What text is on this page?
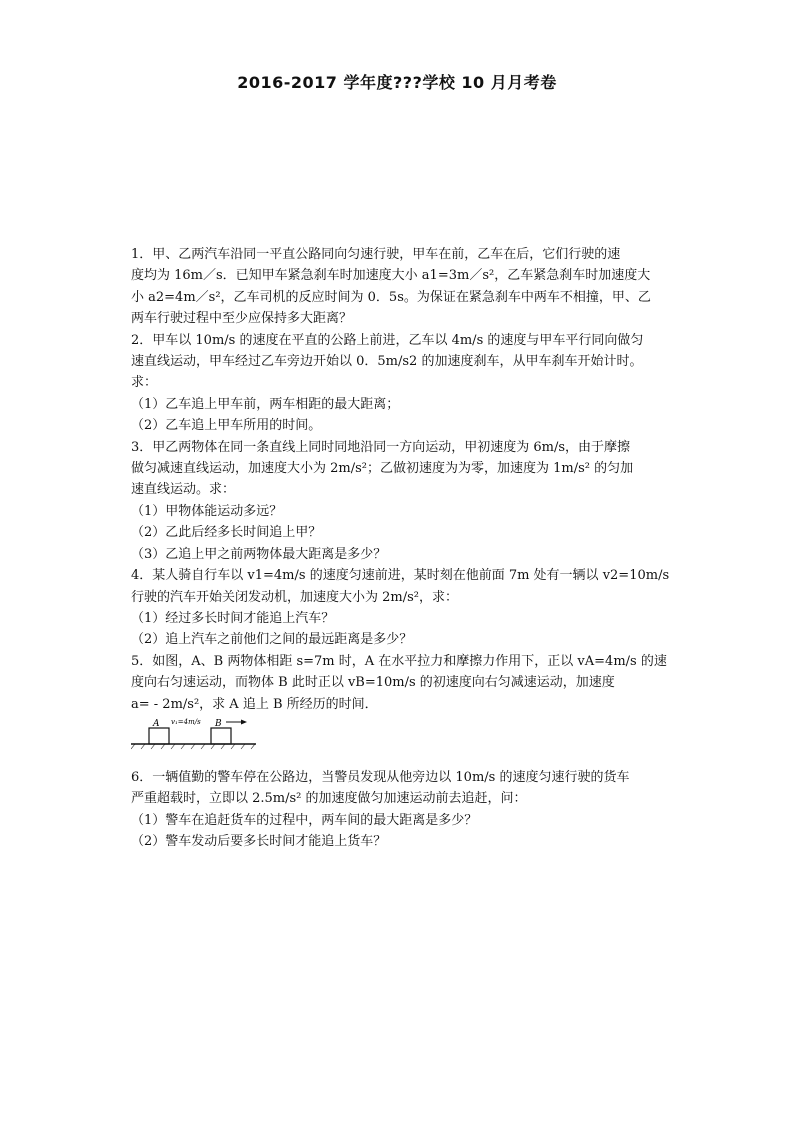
2016-2017 学年度???学校 10 月月考卷
1．甲、乙两汽车沿同一平直公路同向匀速行驶，甲车在前，乙车在后，它们行驶的速
度均为 16m／s．已知甲车紧急刹车时加速度大小 a1=3m／s²，乙车紧急刹车时加速度大
小 a2=4m／s²，乙车司机的反应时间为 0．5s。为保证在紧急刹车中两车不相撞，甲、乙
两车行驶过程中至少应保持多大距离？
2．甲车以 10m/s 的速度在平直的公路上前进，乙车以 4m/s 的速度与甲车平行同向做匀
速直线运动，甲车经过乙车旁边开始以 0．5m/s2 的加速度刹车，从甲车刹车开始计时。
求：
（1）乙车追上甲车前，两车相距的最大距离；
（2）乙车追上甲车所用的时间。
3．甲乙两物体在同一条直线上同时同地沿同一方向运动，甲初速度为 6m/s，由于摩擦
做匀减速直线运动，加速度大小为 2m/s²；乙做初速度为为零，加速度为 1m/s² 的匀加
速直线运动。求：
（1）甲物体能运动多远？
（2）乙此后经多长时间追上甲？
（3）乙追上甲之前两物体最大距离是多少？
4．某人骑自行车以 v1=4m/s 的速度匀速前进，某时刻在他前面 7m 处有一辆以 v2=10m/s
行驶的汽车开始关闭发动机，加速度大小为 2m/s²，求：
（1）经过多长时间才能追上汽车？
（2）追上汽车之前他们之间的最远距离是多少？
5．如图，A、B 两物体相距 s=7m 时，A 在水平拉力和摩擦力作用下，正以 vA=4m/s 的速
度向右匀速运动，而物体 B 此时正以 vB=10m/s 的初速度向右匀减速运动，加速度
a= - 2m/s²，求 A 追上 B 所经历的时间．
A v₁=4m/s B
6．一辆值勤的警车停在公路边，当警员发现从他旁边以 10m/s 的速度匀速行驶的货车
严重超载时，立即以 2.5m/s² 的加速度做匀加速运动前去追赶，问：
（1）警车在追赶货车的过程中，两车间的最大距离是多少？
（2）警车发动后要多长时间才能追上货车？
